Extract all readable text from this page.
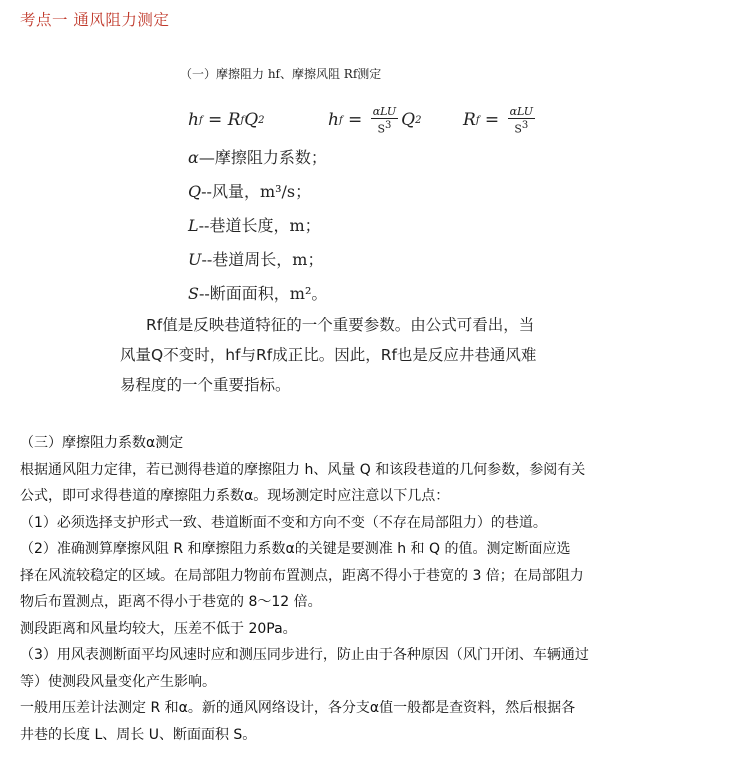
考点一 通风阻力测定
（一）摩擦阻力 hf、摩擦风阻 Rf测定
h f = R f Q 2	h $f = \frac{\text{αLU}}{S^3}$ Q 2 R $f = \frac{\text{αLU}}{S^3}$
α—摩擦阻力系数；
Q--风量，m³/s；
L--巷道长度，m；
U--巷道周长，m；
S--断面面积，m²。
Rf值是反映巷道特征的一个重要参数。由公式可看出，当
风量Q不变时，hf与Rf成正比。因此，Rf也是反应井巷通风难
易程度的一个重要指标。
（三）摩擦阻力系数α测定
根据通风阻力定律，若已测得巷道的摩擦阻力 h、风量 Q 和该段巷道的几何参数，参阅有关
公式，即可求得巷道的摩擦阻力系数α。现场测定时应注意以下几点：
（1）必须选择支护形式一致、巷道断面不变和方向不变（不存在局部阻力）的巷道。
（2）准确测算摩擦风阻 R 和摩擦阻力系数α的关键是要测准 h 和 Q 的值。测定断面应选
择在风流较稳定的区域。在局部阻力物前布置测点，距离不得小于巷宽的 3 倍；在局部阻力
物后布置测点，距离不得小于巷宽的 8～12 倍。
测段距离和风量均较大，压差不低于 20Pa。
（3）用风表测断面平均风速时应和测压同步进行，防止由于各种原因（风门开闭、车辆通过
等）使测段风量变化产生影响。
一般用压差计法测定 R 和α。新的通风网络设计，各分支α值一般都是查资料，然后根据各
井巷的长度 L、周长 U、断面面积 S。
